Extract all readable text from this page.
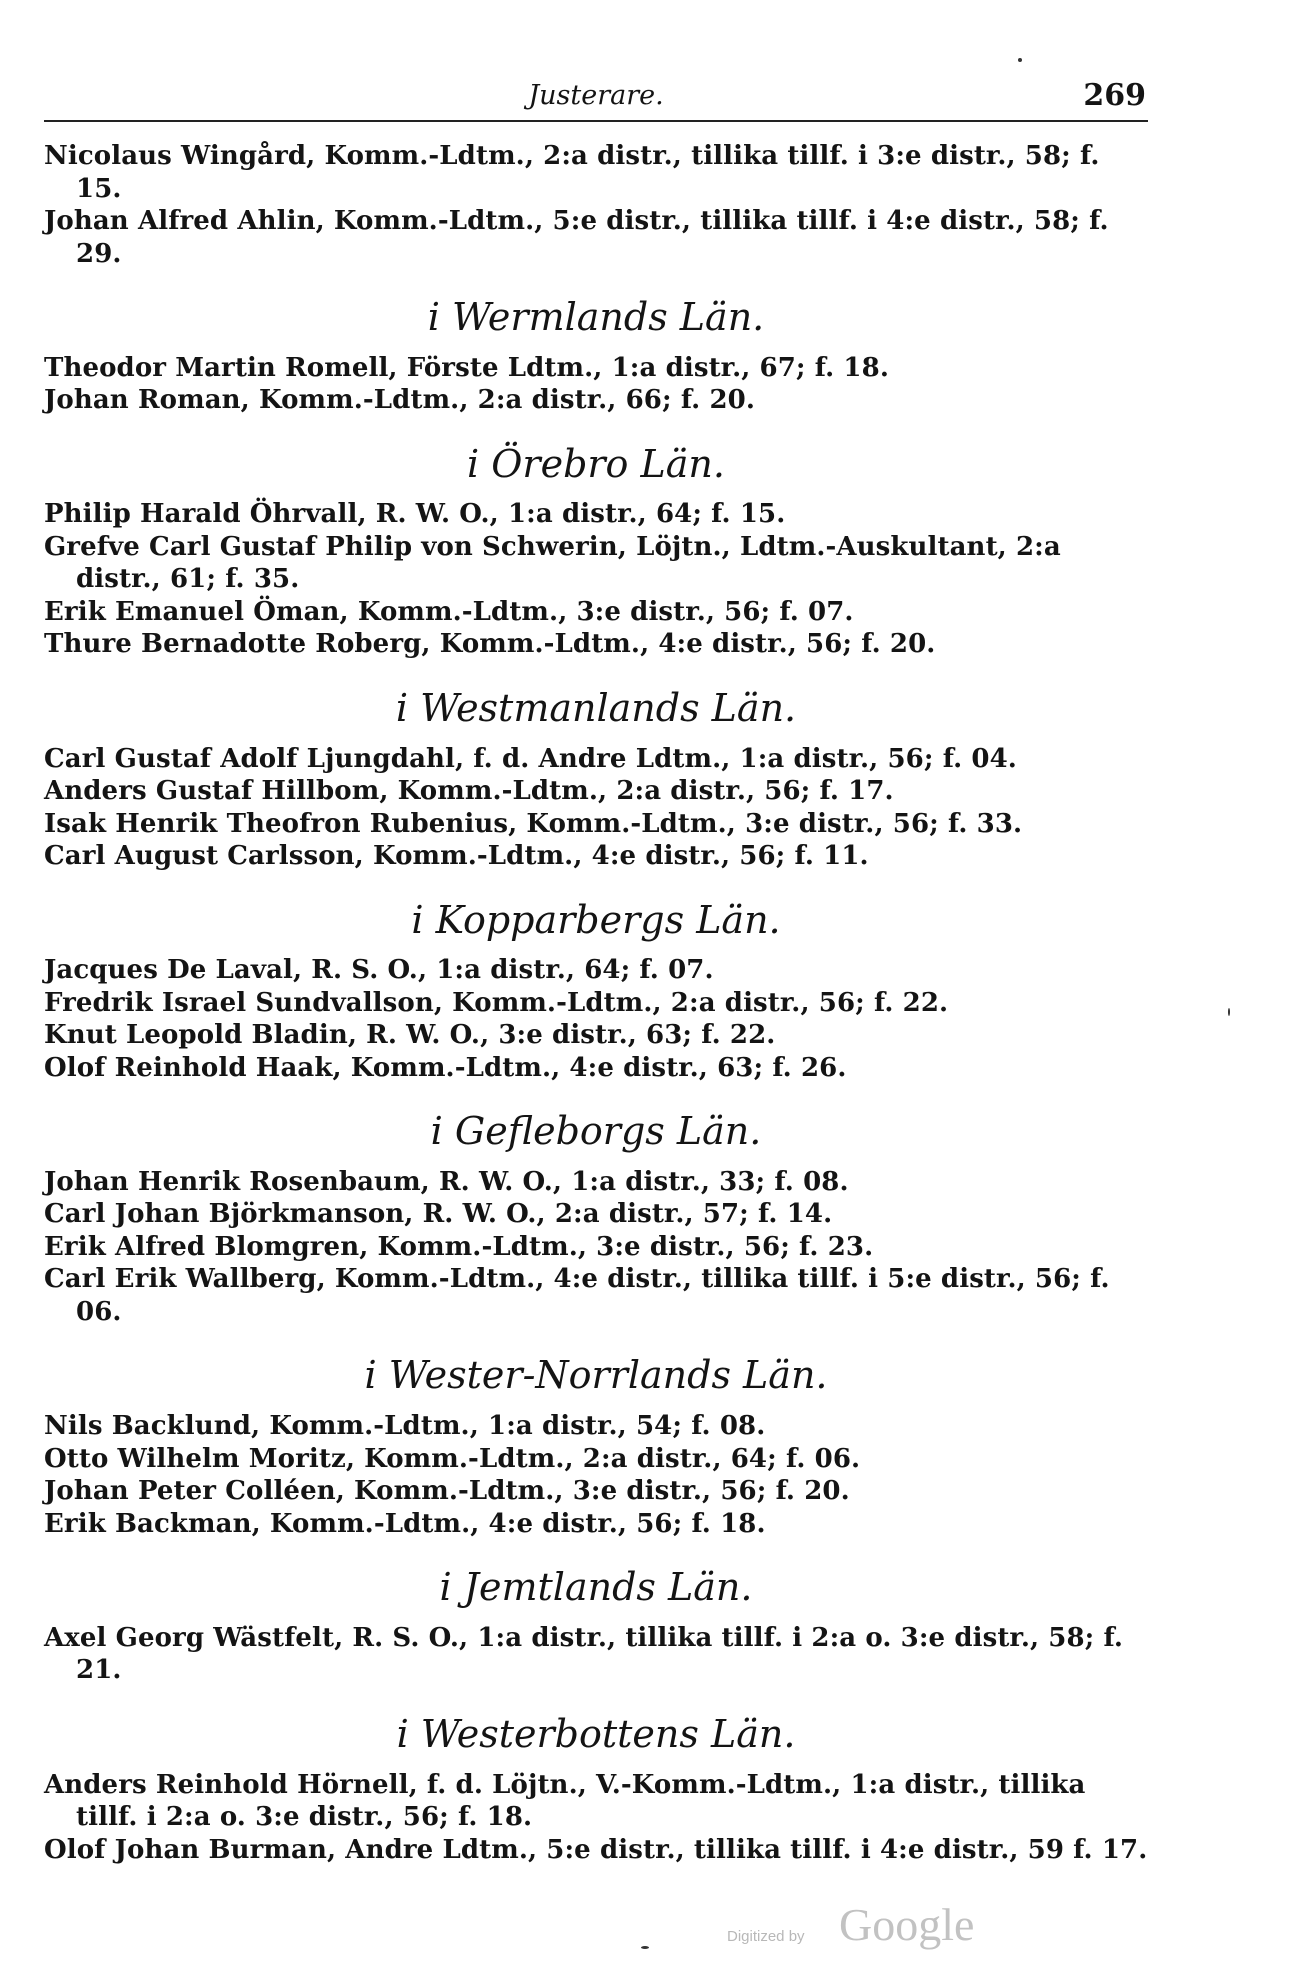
Justerare.	269

Nicolaus Wingård, Komm.-Ldtm., 2:a distr., tillika tillf. i 3:e distr., 58; f. 15.

Johan Alfred Ahlin, Komm.-Ldtm., 5:e distr., tillika tillf. i 4:e distr., 58; f. 29.

i Wermlands Län.

Theodor Martin Romell, Förste Ldtm., 1:a distr., 67; f. 18.

Johan Roman, Komm.-Ldtm., 2:a distr., 66; f. 20.

i Örebro Län.

Philip Harald Öhrvall, R. W. O., 1:a distr., 64; f. 15.

Grefve Carl Gustaf Philip von Schwerin, Löjtn., Ldtm.-Auskultant, 2:a distr., 61; f. 35.

Erik Emanuel Öman, Komm.-Ldtm., 3:e distr., 56; f. 07.

Thure Bernadotte Roberg, Komm.-Ldtm., 4:e distr., 56; f. 20.

i Westmanlands Län.

Carl Gustaf Adolf Ljungdahl, f. d. Andre Ldtm., 1:a distr., 56; f. 04.

Anders Gustaf Hillbom, Komm.-Ldtm., 2:a distr., 56; f. 17.

Isak Henrik Theofron Rubenius, Komm.-Ldtm., 3:e distr., 56; f. 33.

Carl August Carlsson, Komm.-Ldtm., 4:e distr., 56; f. 11.

i Kopparbergs Län.

Jacques De Laval, R. S. O., 1:a distr., 64; f. 07.

Fredrik Israel Sundvallson, Komm.-Ldtm., 2:a distr., 56; f. 22.

Knut Leopold Bladin, R. W. O., 3:e distr., 63; f. 22.

Olof Reinhold Haak, Komm.-Ldtm., 4:e distr., 63; f. 26.

i Gefleborgs Län.

Johan Henrik Rosenbaum, R. W. O., 1:a distr., 33; f. 08.

Carl Johan Björkmanson, R. W. O., 2:a distr., 57; f. 14.

Erik Alfred Blomgren, Komm.-Ldtm., 3:e distr., 56; f. 23.

Carl Erik Wallberg, Komm.-Ldtm., 4:e distr., tillika tillf. i 5:e distr., 56; f. 06.

i Wester-Norrlands Län.

Nils Backlund, Komm.-Ldtm., 1:a distr., 54; f. 08.

Otto Wilhelm Moritz, Komm.-Ldtm., 2:a distr., 64; f. 06.

Johan Peter Colléen, Komm.-Ldtm., 3:e distr., 56; f. 20.

Erik Backman, Komm.-Ldtm., 4:e distr., 56; f. 18.

i Jemtlands Län.

Axel Georg Wästfelt, R. S. O., 1:a distr., tillika tillf. i 2:a o. 3:e distr., 58; f. 21.

i Westerbottens Län.

Anders Reinhold Hörnell, f. d. Löjtn., V.-Komm.-Ldtm., 1:a distr., tillika tillf. i 2:a o. 3:e distr., 56; f. 18.

Olof Johan Burman, Andre Ldtm., 5:e distr., tillika tillf. i 4:e distr., 59 f. 17.

Digitized by Google
